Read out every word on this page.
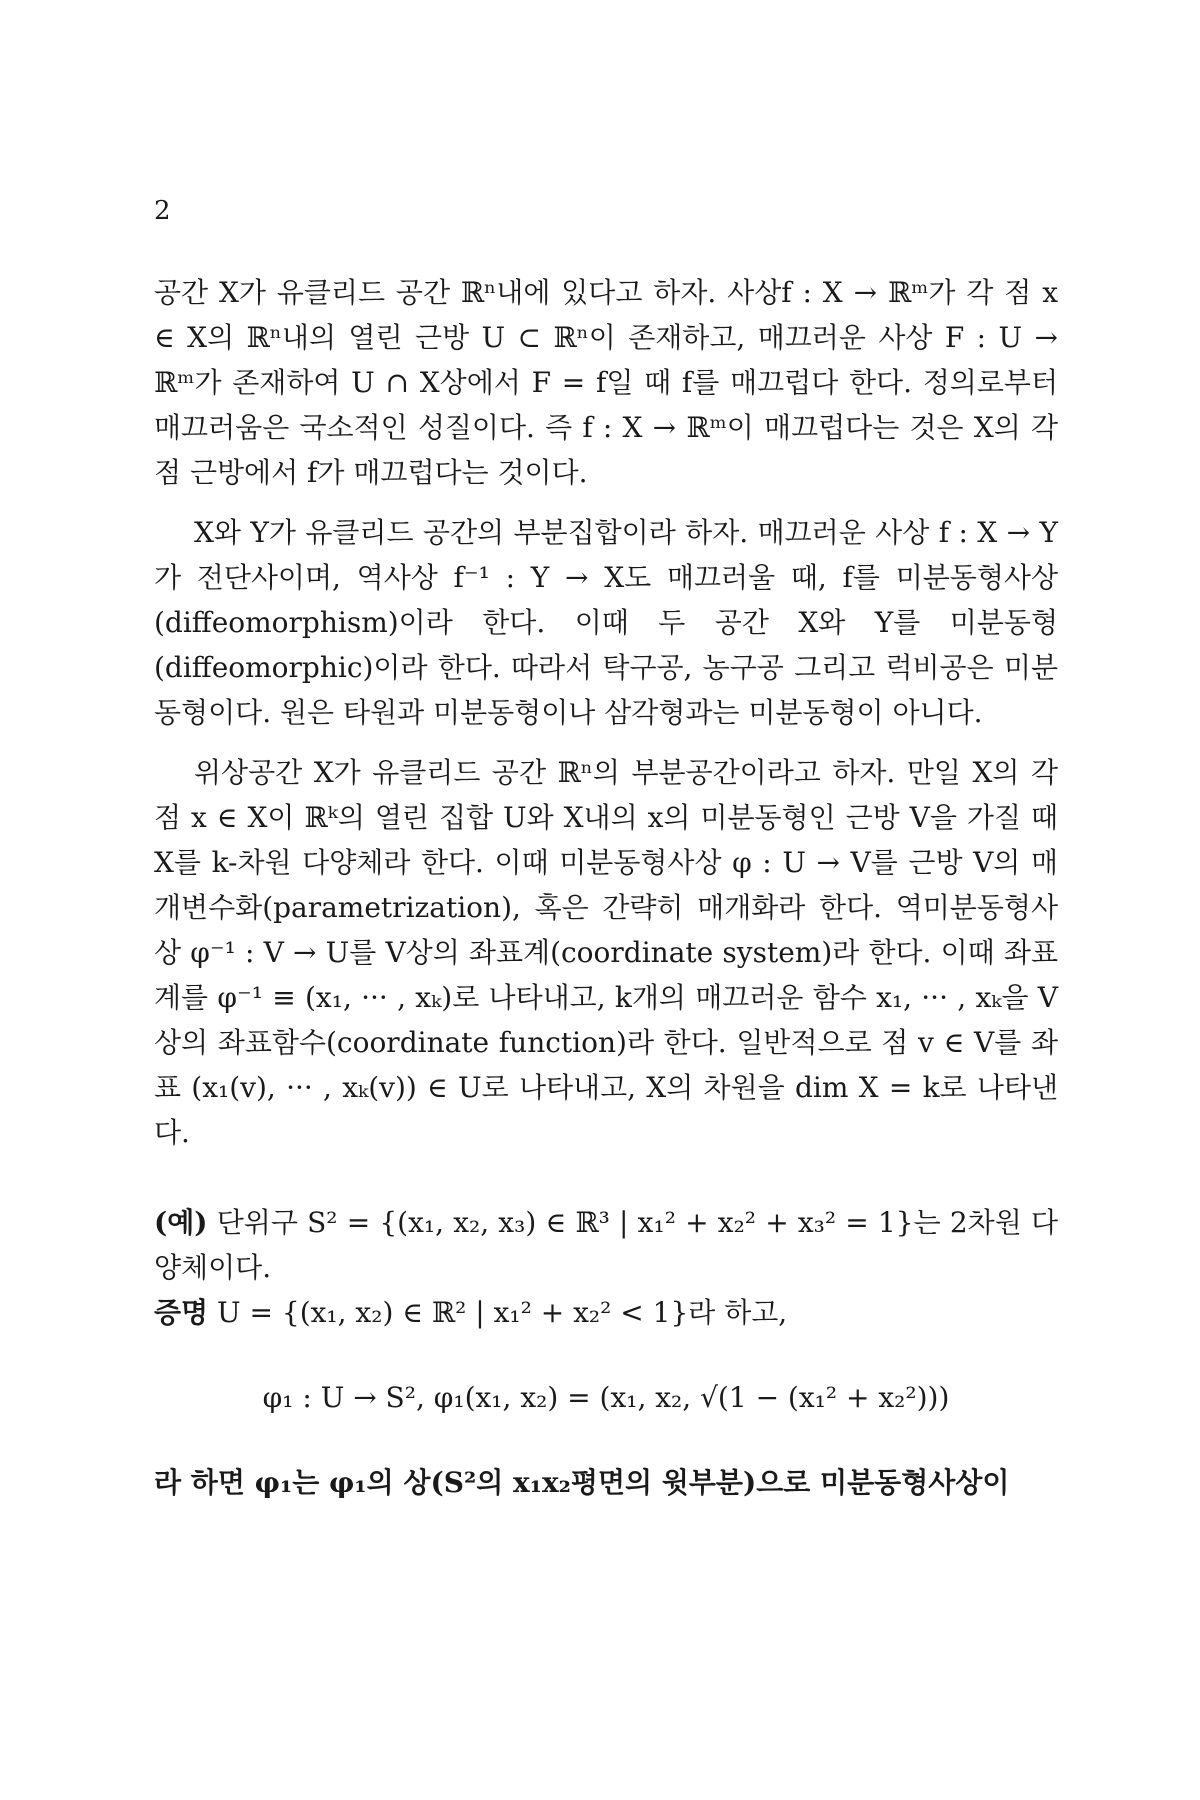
2

공간 X가 유클리드 공간 ℝⁿ내에 있다고 하자. 사상f : X → ℝᵐ가 각 점 x ∈ X의 ℝⁿ내의 열린 근방 U ⊂ ℝⁿ이 존재하고, 매끄러운 사상 F : U → ℝᵐ가 존재하여 U ∩ X상에서 F = f일 때 f를 매끄럽다 한다. 정의로부터 매끄러움은 국소적인 성질이다. 즉 f : X → ℝᵐ이 매끄럽다는 것은 X의 각 점 근방에서 f가 매끄럽다는 것이다.

X와 Y가 유클리드 공간의 부분집합이라 하자. 매끄러운 사상 f : X → Y가 전단사이며, 역사상 f⁻¹ : Y → X도 매끄러울 때, f를 미분동형사상(diffeomorphism)이라 한다. 이때 두 공간 X와 Y를 미분동형(diffeomorphic)이라 한다. 따라서 탁구공, 농구공 그리고 럭비공은 미분동형이다. 원은 타원과 미분동형이나 삼각형과는 미분동형이 아니다.

위상공간 X가 유클리드 공간 ℝⁿ의 부분공간이라고 하자. 만일 X의 각점 x ∈ X이 ℝᵏ의 열린 집합 U와 X내의 x의 미분동형인 근방 V을 가질 때 X를 k-차원 다양체라 한다. 이때 미분동형사상 φ : U → V를 근방 V의 매개변수화(parametrization), 혹은 간략히 매개화라 한다. 역미분동형사상 φ⁻¹ : V → U를 V상의 좌표계(coordinate system)라 한다. 이때 좌표계를 φ⁻¹ ≡ (x₁, ··· , xₖ)로 나타내고, k개의 매끄러운 함수 x₁, ··· , xₖ을 V상의 좌표함수(coordinate function)라 한다. 일반적으로 점 v ∈ V를 좌표 (x₁(v), ··· , xₖ(v)) ∈ U로 나타내고, X의 차원을 dim X = k로 나타낸다.

(예) 단위구 S² = {(x₁, x₂, x₃) ∈ ℝ³ | x₁² + x₂² + x₃² = 1}는 2차원 다양체이다.

증명 U = {(x₁, x₂) ∈ ℝ² | x₁² + x₂² < 1}라 하고,

φ₁ : U → S², φ₁(x₁, x₂) = (x₁, x₂, √(1 − (x₁² + x₂²)))

라 하면 φ₁는 φ₁의 상(S²의 x₁x₂평면의 윗부분)으로 미분동형사상이
